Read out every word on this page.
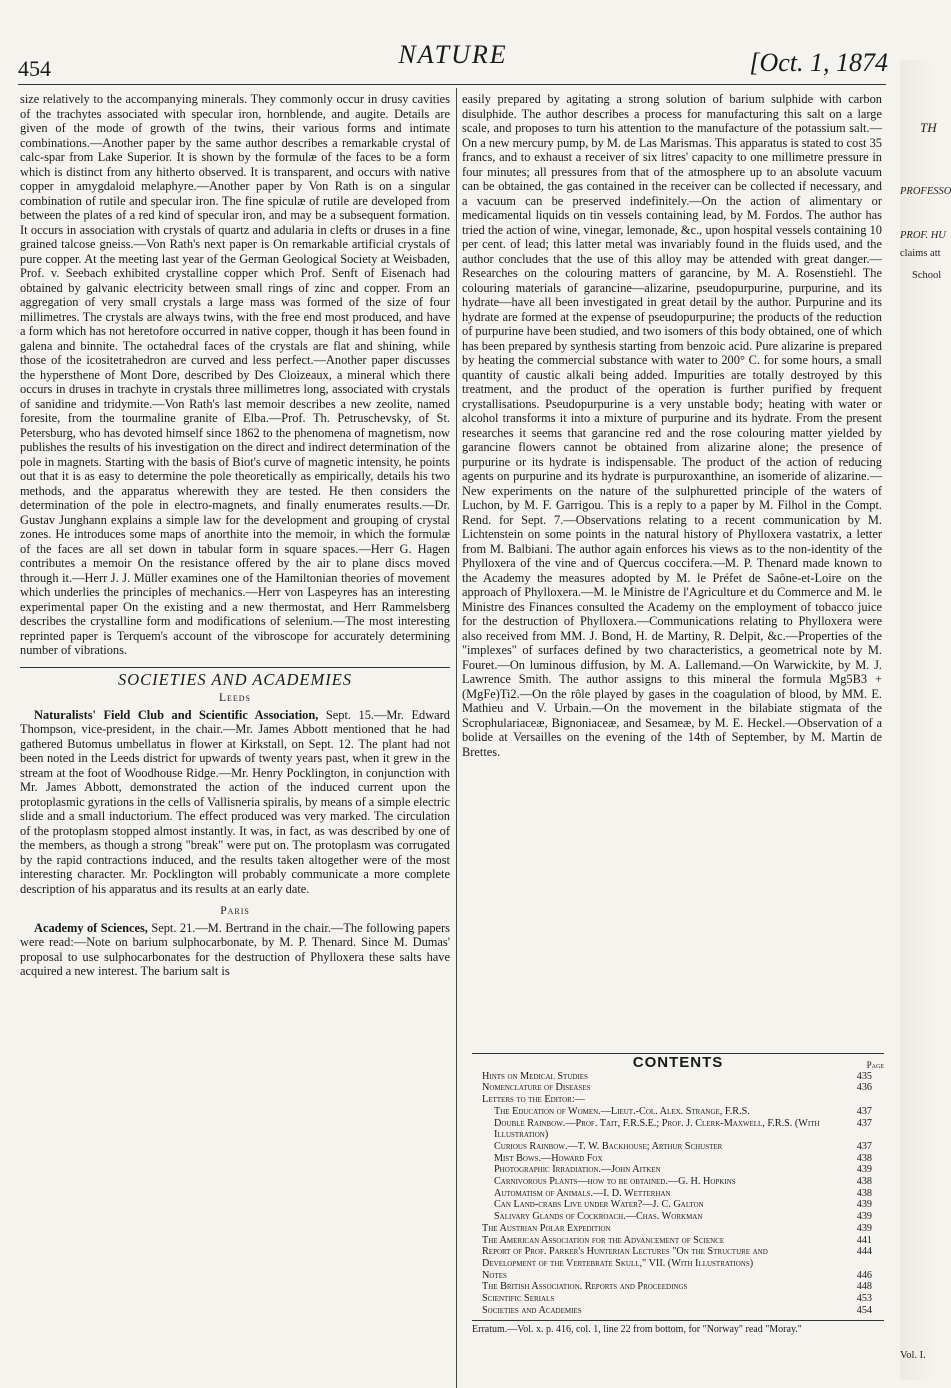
454	NATURE	[Oct. 1, 1874

size relatively to the accompanying minerals. They commonly occur in drusy cavities of the trachytes associated with specular iron, hornblende, and augite. Details are given of the mode of growth of the twins, their various forms and intimate combinations.—Another paper by the same author describes a remarkable crystal of calc-spar from Lake Superior. It is shown by the formulæ of the faces to be a form which is distinct from any hitherto observed. It is transparent, and occurs with native copper in amygdaloid melaphyre.—Another paper by Von Rath is on a singular combination of rutile and specular iron. The fine spiculæ of rutile are developed from between the plates of a red kind of specular iron, and may be a subsequent formation. It occurs in association with crystals of quartz and adularia in clefts or druses in a fine grained talcose gneiss.—Von Rath's next paper is On remarkable artificial crystals of pure copper. At the meeting last year of the German Geological Society at Weisbaden, Prof. v. Seebach exhibited crystalline copper which Prof. Senft of Eisenach had obtained by galvanic electricity between small rings of zinc and copper. From an aggregation of very small crystals a large mass was formed of the size of four millimetres. The crystals are always twins, with the free end most produced, and have a form which has not heretofore occurred in native copper, though it has been found in galena and binnite. The octahedral faces of the crystals are flat and shining, while those of the icositetrahedron are curved and less perfect.—Another paper discusses the hypersthene of Mont Dore, described by Des Cloizeaux, a mineral which there occurs in druses in trachyte in crystals three millimetres long, associated with crystals of sanidine and tridymite.—Von Rath's last memoir describes a new zeolite, named foresite, from the tourmaline granite of Elba.—Prof. Th. Petruschevsky, of St. Petersburg, who has devoted himself since 1862 to the phenomena of magnetism, now publishes the results of his investigation on the direct and indirect determination of the pole in magnets. Starting with the basis of Biot's curve of magnetic intensity, he points out that it is as easy to determine the pole theoretically as empirically, details his two methods, and the apparatus wherewith they are tested. He then considers the determination of the pole in electro-magnets, and finally enumerates results.—Dr. Gustav Junghann explains a simple law for the development and grouping of crystal zones. He introduces some maps of anorthite into the memoir, in which the formulæ of the faces are all set down in tabular form in square spaces.—Herr G. Hagen contributes a memoir On the resistance offered by the air to plane discs moved through it.—Herr J. J. Müller examines one of the Hamiltonian theories of movement which underlies the principles of mechanics.—Herr von Laspeyres has an interesting experimental paper On the existing and a new thermostat, and Herr Rammelsberg describes the crystalline form and modifications of selenium.—The most interesting reprinted paper is Terquem's account of the vibroscope for accurately determining number of vibrations.

SOCIETIES AND ACADEMIES
Leeds

Naturalists' Field Club and Scientific Association, Sept. 15.—Mr. Edward Thompson, vice-president, in the chair.—Mr. James Abbott mentioned that he had gathered Butomus umbellatus in flower at Kirkstall, on Sept. 12. The plant had not been noted in the Leeds district for upwards of twenty years past, when it grew in the stream at the foot of Woodhouse Ridge.—Mr. Henry Pocklington, in conjunction with Mr. James Abbott, demonstrated the action of the induced current upon the protoplasmic gyrations in the cells of Vallisneria spiralis, by means of a simple electric slide and a small inductorium. The effect produced was very marked. The circulation of the protoplasm stopped almost instantly. It was, in fact, as was described by one of the members, as though a strong "break" were put on. The protoplasm was corrugated by the rapid contractions induced, and the results taken altogether were of the most interesting character. Mr. Pocklington will probably communicate a more complete description of his apparatus and its results at an early date.

Paris

Academy of Sciences, Sept. 21.—M. Bertrand in the chair.—The following papers were read:—Note on barium sulphocarbonate, by M. P. Thenard. Since M. Dumas' proposal to use sulphocarbonates for the destruction of Phylloxera these salts have acquired a new interest. The barium salt is

easily prepared by agitating a strong solution of barium sulphide with carbon disulphide. The author describes a process for manufacturing this salt on a large scale, and proposes to turn his attention to the manufacture of the potassium salt.—On a new mercury pump, by M. de Las Marismas. This apparatus is stated to cost 35 francs, and to exhaust a receiver of six litres' capacity to one millimetre pressure in four minutes; all pressures from that of the atmosphere up to an absolute vacuum can be obtained, the gas contained in the receiver can be collected if necessary, and a vacuum can be preserved indefinitely.—On the action of alimentary or medicamental liquids on tin vessels containing lead, by M. Fordos. The author has tried the action of wine, vinegar, lemonade, &c., upon hospital vessels containing 10 per cent. of lead; this latter metal was invariably found in the fluids used, and the author concludes that the use of this alloy may be attended with great danger.—Researches on the colouring matters of garancine, by M. A. Rosenstiehl. The colouring materials of garancine—alizarine, pseudopurpurine, purpurine, and its hydrate—have all been investigated in great detail by the author. Purpurine and its hydrate are formed at the expense of pseudopurpurine; the products of the reduction of purpurine have been studied, and two isomers of this body obtained, one of which has been prepared by synthesis starting from benzoic acid. Pure alizarine is prepared by heating the commercial substance with water to 200° C. for some hours, a small quantity of caustic alkali being added. Impurities are totally destroyed by this treatment, and the product of the operation is further purified by frequent crystallisations. Pseudopurpurine is a very unstable body; heating with water or alcohol transforms it into a mixture of purpurine and its hydrate. From the present researches it seems that garancine red and the rose colouring matter yielded by garancine flowers cannot be obtained from alizarine alone; the presence of purpurine or its hydrate is indispensable. The product of the action of reducing agents on purpurine and its hydrate is purpuroxanthine, an isomeride of alizarine.—New experiments on the nature of the sulphuretted principle of the waters of Luchon, by M. F. Garrigou. This is a reply to a paper by M. Filhol in the Compt. Rend. for Sept. 7.—Observations relating to a recent communication by M. Lichtenstein on some points in the natural history of Phylloxera vastatrix, a letter from M. Balbiani. The author again enforces his views as to the non-identity of the Phylloxera of the vine and of Quercus coccifera.—M. P. Thenard made known to the Academy the measures adopted by M. le Préfet de Saône-et-Loire on the approach of Phylloxera.—M. le Ministre de l'Agriculture et du Commerce and M. le Ministre des Finances consulted the Academy on the employment of tobacco juice for the destruction of Phylloxera.—Communications relating to Phylloxera were also received from MM. J. Bond, H. de Martiny, R. Delpit, &c.—Properties of the "implexes" of surfaces defined by two characteristics, a geometrical note by M. Fouret.—On luminous diffusion, by M. A. Lallemand.—On Warwickite, by M. J. Lawrence Smith. The author assigns to this mineral the formula Mg5B3 + (MgFe)Ti2.—On the rôle played by gases in the coagulation of blood, by MM. E. Mathieu and V. Urbain.—On the movement in the bilabiate stigmata of the Scrophulariaceæ, Bignoniaceæ, and Sesameæ, by M. E. Heckel.—Observation of a bolide at Versailles on the evening of the 14th of September, by M. Martin de Brettes.

CONTENTS	Page
Hints on Medical Studies	435
Nomenclature of Diseases	436
Letters to the Editor:—
The Education of Women.—Lieut.-Col. Alex. Strange, F.R.S.	437
Double Rainbow.—Prof. Tait, F.R.S.E.; Prof. J. Clerk-Maxwell, F.R.S. (With Illustration)
437
Curious Rainbow.—T. W. Backhouse; Arthur Schuster	437
Mist Bows.—Howard Fox	438
Photographic Irradiation.—John Aitken	439
Carnivorous Plants—how to be obtained.—G. H. Hopkins	438
Automatism of Animals.—I. D. Wetterhan	438
Can Land-crabs Live under Water?—J. C. Galton	439
Salivary Glands of Cockroach.—Chas. Workman	439
The Austrian Polar Expedition	439
The American Association for the Advancement of Science	441
Report of Prof. Parker's Hunterian Lectures "On the Structure and Development of the Vertebrate Skull," VII. (With Illustrations)
444
Notes	446
The British Association. Reports and Proceedings	448
Scientific Serials	453
Societies and Academies	454
Erratum.—Vol. x. p. 416, col. 1, line 22 from bottom, for "Norway" read "Moray."
TH
PROFESSO
PROF. HU
claims att
School
Vol. I.
